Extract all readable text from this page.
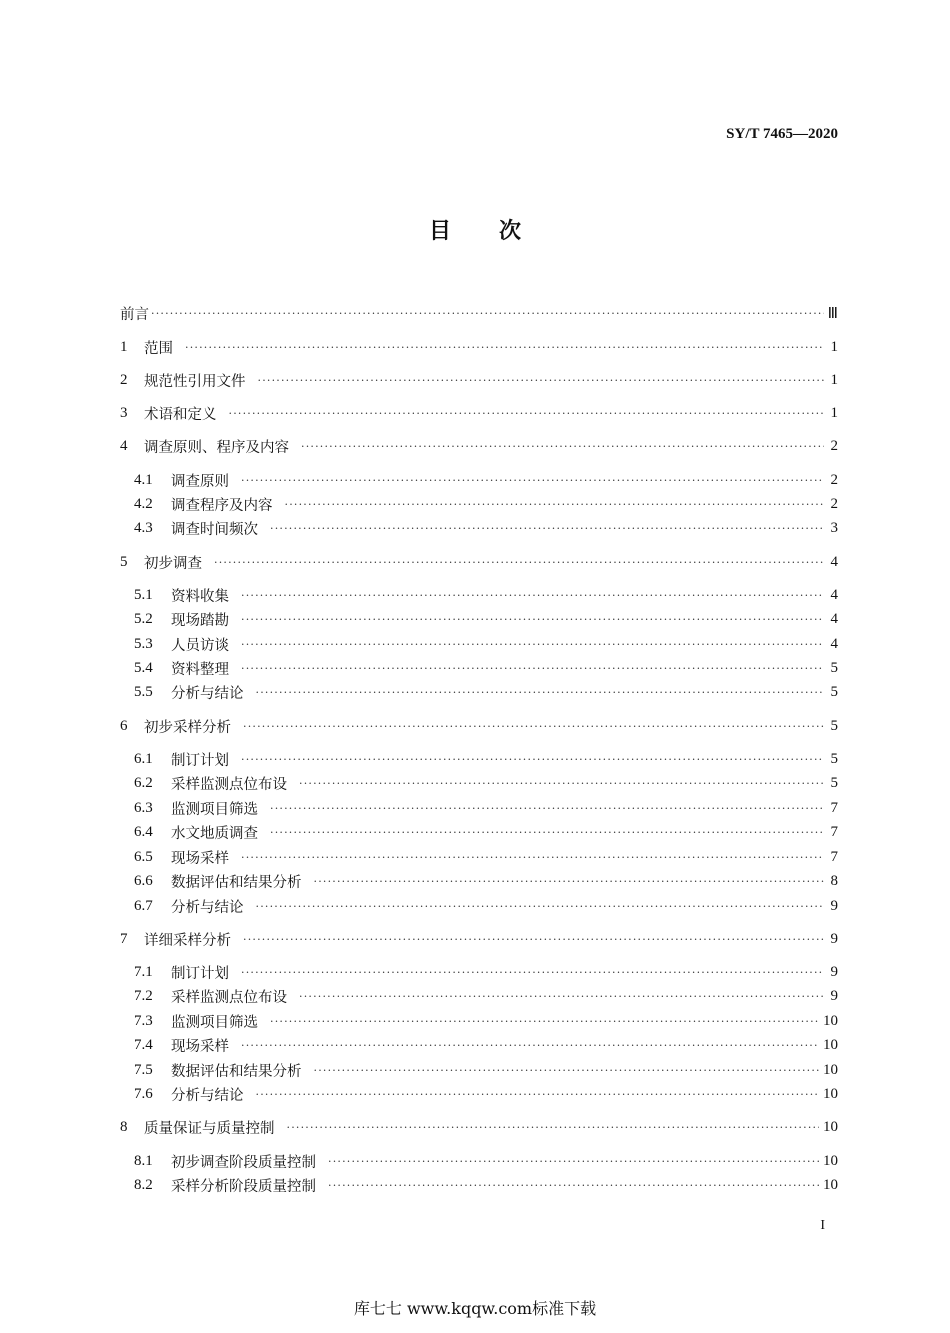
SY/T 7465—2020
目次
前言 ·····	Ⅲ
1	范围 ·····	1
2	规范性引用文件 ·····	1
3	术语和定义 ·····	1
4	调查原则、程序及内容 ·····	2
4.1	调查原则 ·····	2
4.2	调查程序及内容 ·····	2
4.3	调查时间频次 ·····	3
5	初步调查 ·····	4
5.1	资料收集 ·····	4
5.2	现场踏勘 ·····	4
5.3	人员访谈 ·····	4
5.4	资料整理 ·····	5
5.5	分析与结论 ·····	5
6	初步采样分析 ·····	5
6.1	制订计划 ·····	5
6.2	采样监测点位布设 ·····	5
6.3	监测项目筛选 ·····	7
6.4	水文地质调查 ·····	7
6.5	现场采样 ·····	7
6.6	数据评估和结果分析 ·····	8
6.7	分析与结论 ·····	9
7	详细采样分析 ·····	9
7.1	制订计划 ·····	9
7.2	采样监测点位布设 ·····	9
7.3	监测项目筛选 ·····	10
7.4	现场采样 ·····	10
7.5	数据评估和结果分析 ·····	10
7.6	分析与结论 ·····	10
8	质量保证与质量控制 ·····	10
8.1	初步调查阶段质量控制 ·····	10
8.2	采样分析阶段质量控制 ·····	10
I
库七七 www.kqqw.com标准下载
